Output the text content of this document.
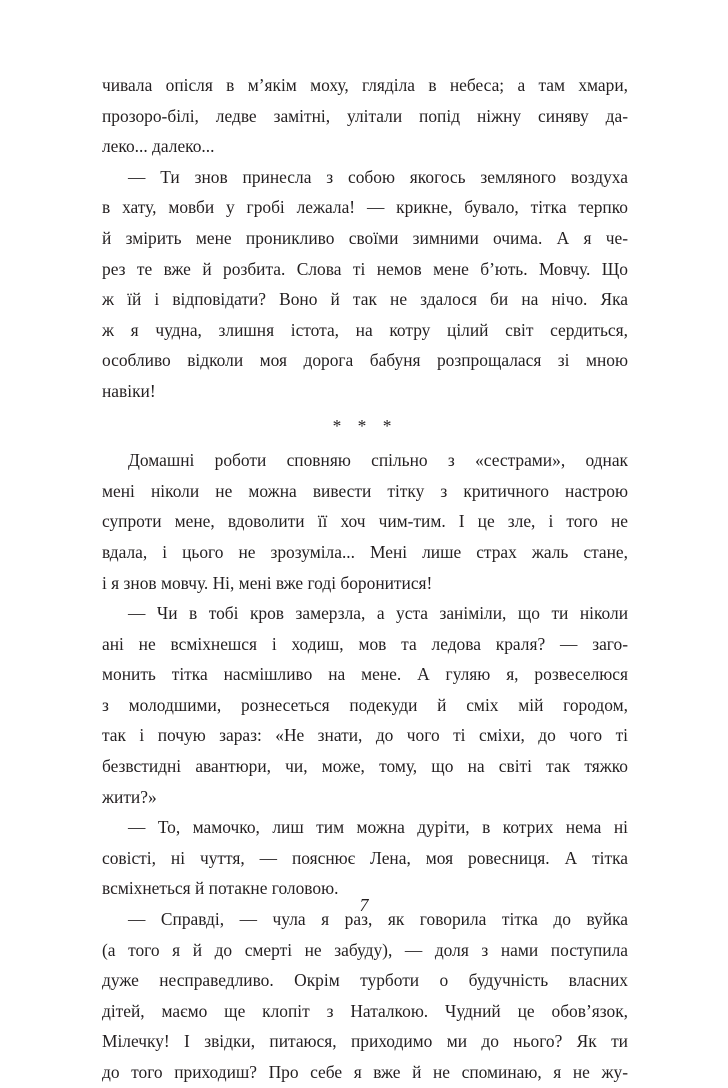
чивала опісля в м’якім моху, гляділа в небеса; а там хмари,
прозоро-білі, ледве замітні, улітали попід ніжну синяву да-
леко... далеко...
— Ти знов принесла з собою якогось земляного воздуха
в хату, мовби у гробі лежала! — крикне, бувало, тітка терпко
й змірить мене проникливо своїми зимними очима. А я че-
рез те вже й розбита. Слова ті немов мене б’ють. Мовчу. Що
ж їй і відповідати? Воно й так не здалося би на нічо. Яка
ж я чудна, злишня істота, на котру цілий світ сердиться,
особливо відколи моя дорога бабуня розпрощалася зі мною
навіки!
* * *
Домашні роботи сповняю спільно з «сестрами», однак
мені ніколи не можна вивести тітку з критичного настрою
супроти мене, вдоволити її хоч чим-тим. І це зле, і того не
вдала, і цього не зрозуміла... Мені лише страх жаль стане,
і я знов мовчу. Ні, мені вже годі боронитися!
— Чи в тобі кров замерзла, а уста заніміли, що ти ніколи
ані не всміхнешся і ходиш, мов та ледова краля? — заго-
монить тітка насмішливо на мене. А гуляю я, розвеселюся
з молодшими, рознесеться подекуди й сміх мій городом,
так і почую зараз: «Не знати, до чого ті сміхи, до чого ті
безвстидні авантюри, чи, може, тому, що на світі так тяжко
жити?»
— То, мамочко, лиш тим можна дуріти, в котрих нема ні
совісті, ні чуття, — пояснює Лена, моя ровесниця. А тітка
всміхнеться й потакне головою.
— Справді, — чула я раз, як говорила тітка до вуйка
(а того я й до смерті не забуду), — доля з нами поступила
дуже несправедливо. Окрім турботи о будучність власних
дітей, маємо ще клопіт з Наталкою. Чудний це обов’язок,
Мілечку! І звідки, питаюся, приходимо ми до нього? Як ти
до того приходиш? Про себе я вже й не споминаю, я не жу-
7
